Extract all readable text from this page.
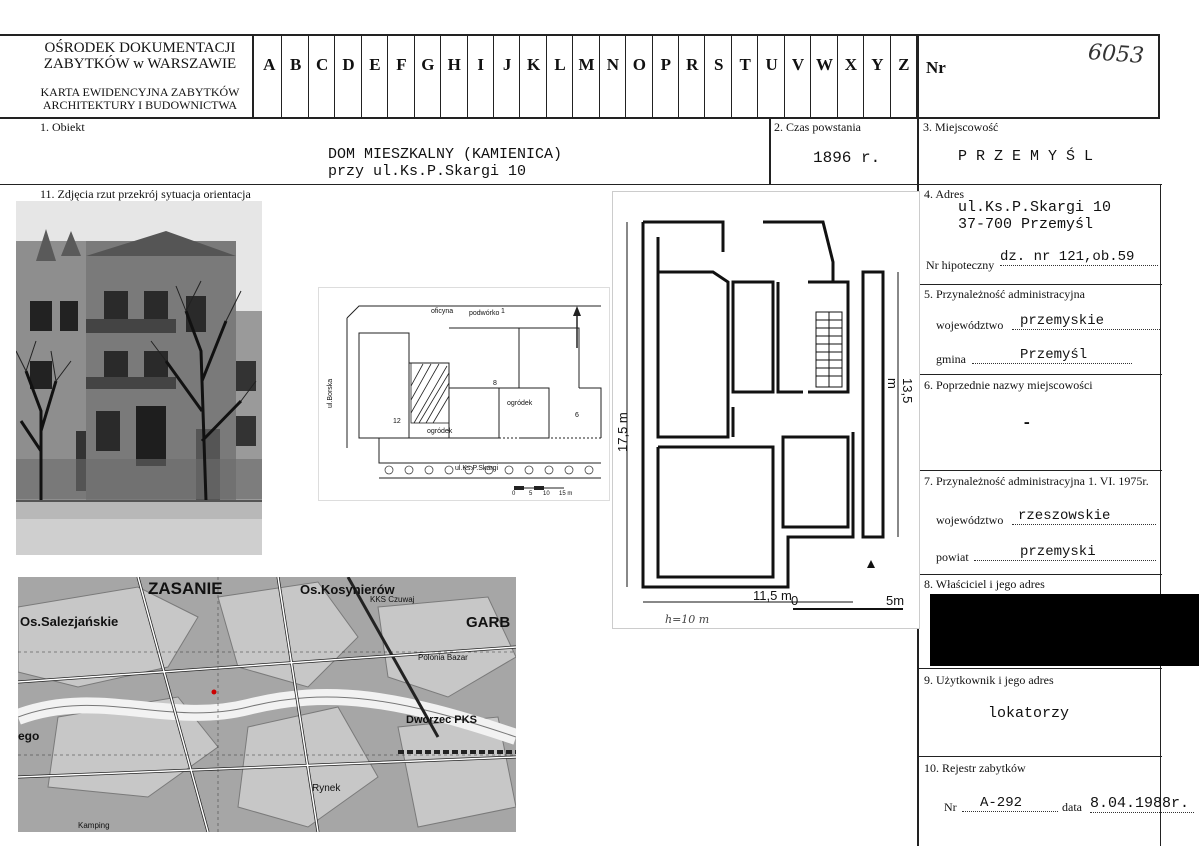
OŚRODEK DOKUMENTACJI
ZABYTKÓW w WARSZAWIE
KARTA EWIDENCYJNA ZABYTKÓW
ARCHITEKTURY I BUDOWNICTWA
A B C D E F G H I	J K L M N O P R S T U V W X Y Z Nr	6053
1. Obiekt
DOM MIESZKALNY (KAMIENICA)
przy ul.Ks.P.Skargi 10
2. Czas powstania
1896 r.
3. Miejscowość
P R Z E M Y Ś L
11. Zdjęcia rzut przekrój sytuacja orientacja	4. Adres
ul.Ks.P.Skargi 10
37-700 Przemyśl
Nr hipoteczny dz. nr 121,ob.59
5. Przynależność administracyjna
województwo	przemyskie
gmina	Przemyśl
6. Poprzednie nazwy miejscowości
-
7. Przynależność administracyjna 1. VI. 1975r.
województwo	rzeszowskie
powiat	przemyski
8. Właściciel i jego adres
9. Użytkownik i jego adres
lokatorzy
10. Rejestr zabytków
Nr	A-292	data 8.04.1988r.
oficyna podwórko
ogródek
ogródek
12
8
6
1
ul.Borska
ul.Ks.P.Skargi
0 5 10 15 m
17,5 m
13,5 m
11,5 m 0	5m
h=10 m
ZASANIE	Os.Kosynierów
Os.Salezjańskie	GARB
Dworzec PKS
Rynek
Polonia Bazar
KKS Czuwaj
Kamping
ego
